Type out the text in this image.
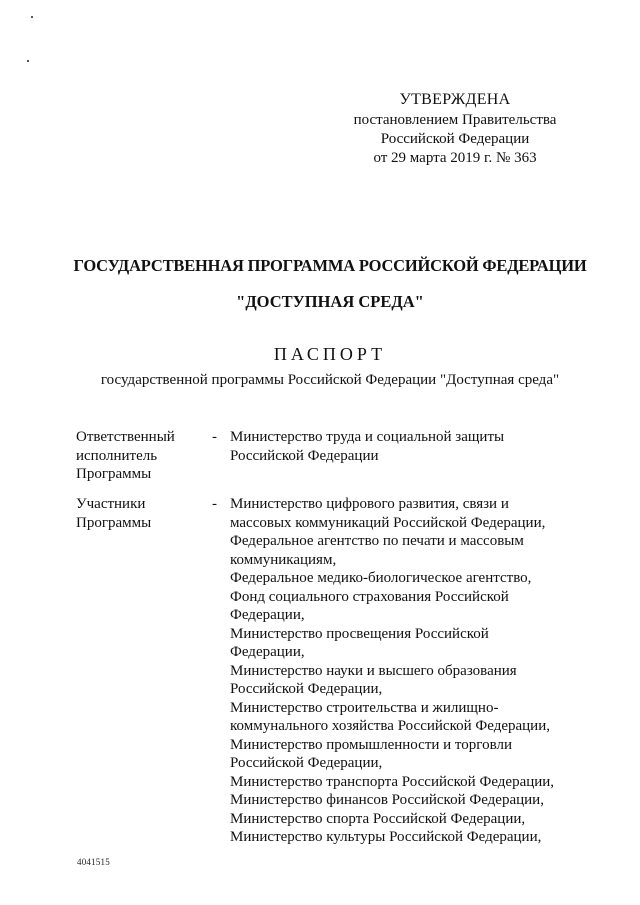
УТВЕРЖДЕНА
постановлением Правительства
Российской Федерации
от 29 марта 2019 г. № 363
ГОСУДАРСТВЕННАЯ ПРОГРАММА РОССИЙСКОЙ ФЕДЕРАЦИИ
"ДОСТУПНАЯ СРЕДА"
ПАСПОРТ
государственной программы Российской Федерации "Доступная среда"
Ответственный
исполнитель
Программы
- Министерство труда и социальной защиты
Российской Федерации
Участники
Программы
- Министерство цифрового развития, связи и
массовых коммуникаций Российской Федерации,
Федеральное агентство по печати и массовым
коммуникациям,
Федеральное медико-биологическое агентство,
Фонд социального страхования Российской
Федерации,
Министерство просвещения Российской
Федерации,
Министерство науки и высшего образования
Российской Федерации,
Министерство строительства и жилищно-
коммунального хозяйства Российской Федерации,
Министерство промышленности и торговли
Российской Федерации,
Министерство транспорта Российской Федерации,
Министерство финансов Российской Федерации,
Министерство спорта Российской Федерации,
Министерство культуры Российской Федерации,
4041515
